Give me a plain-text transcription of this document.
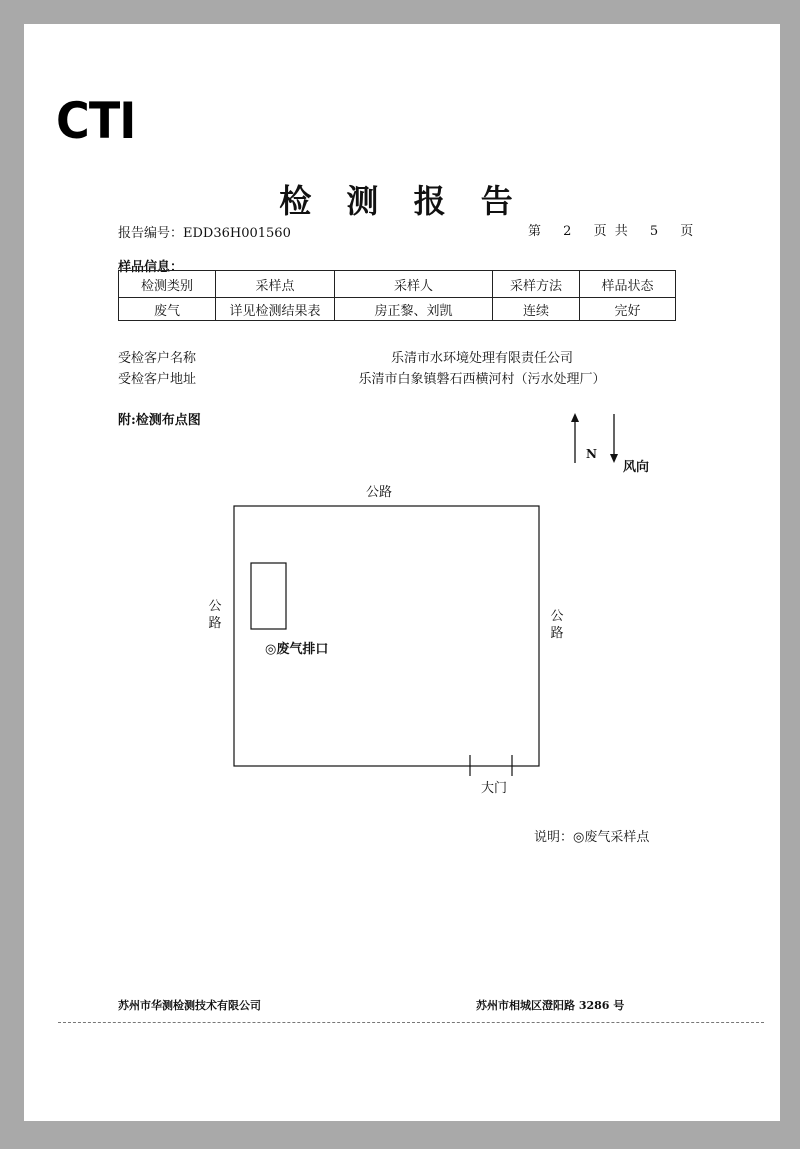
CTI
检 测 报 告
报告编号：EDD36H001560	第 2 页 共 5 页
样品信息：
检测类别	采样点	采样人	采样方法	样品状态
废气	详见检测结果表	房正黎、刘凯	连续	完好
受检客户名称	乐清市水环境处理有限责任公司
受检客户地址	乐清市白象镇磐石西横河村（污水处理厂）
附:检测布点图
N
风向
公路
公路	公路
◎废气排口
大门
说明：◎废气采样点
苏州市华测检测技术有限公司	苏州市相城区澄阳路 3286 号
